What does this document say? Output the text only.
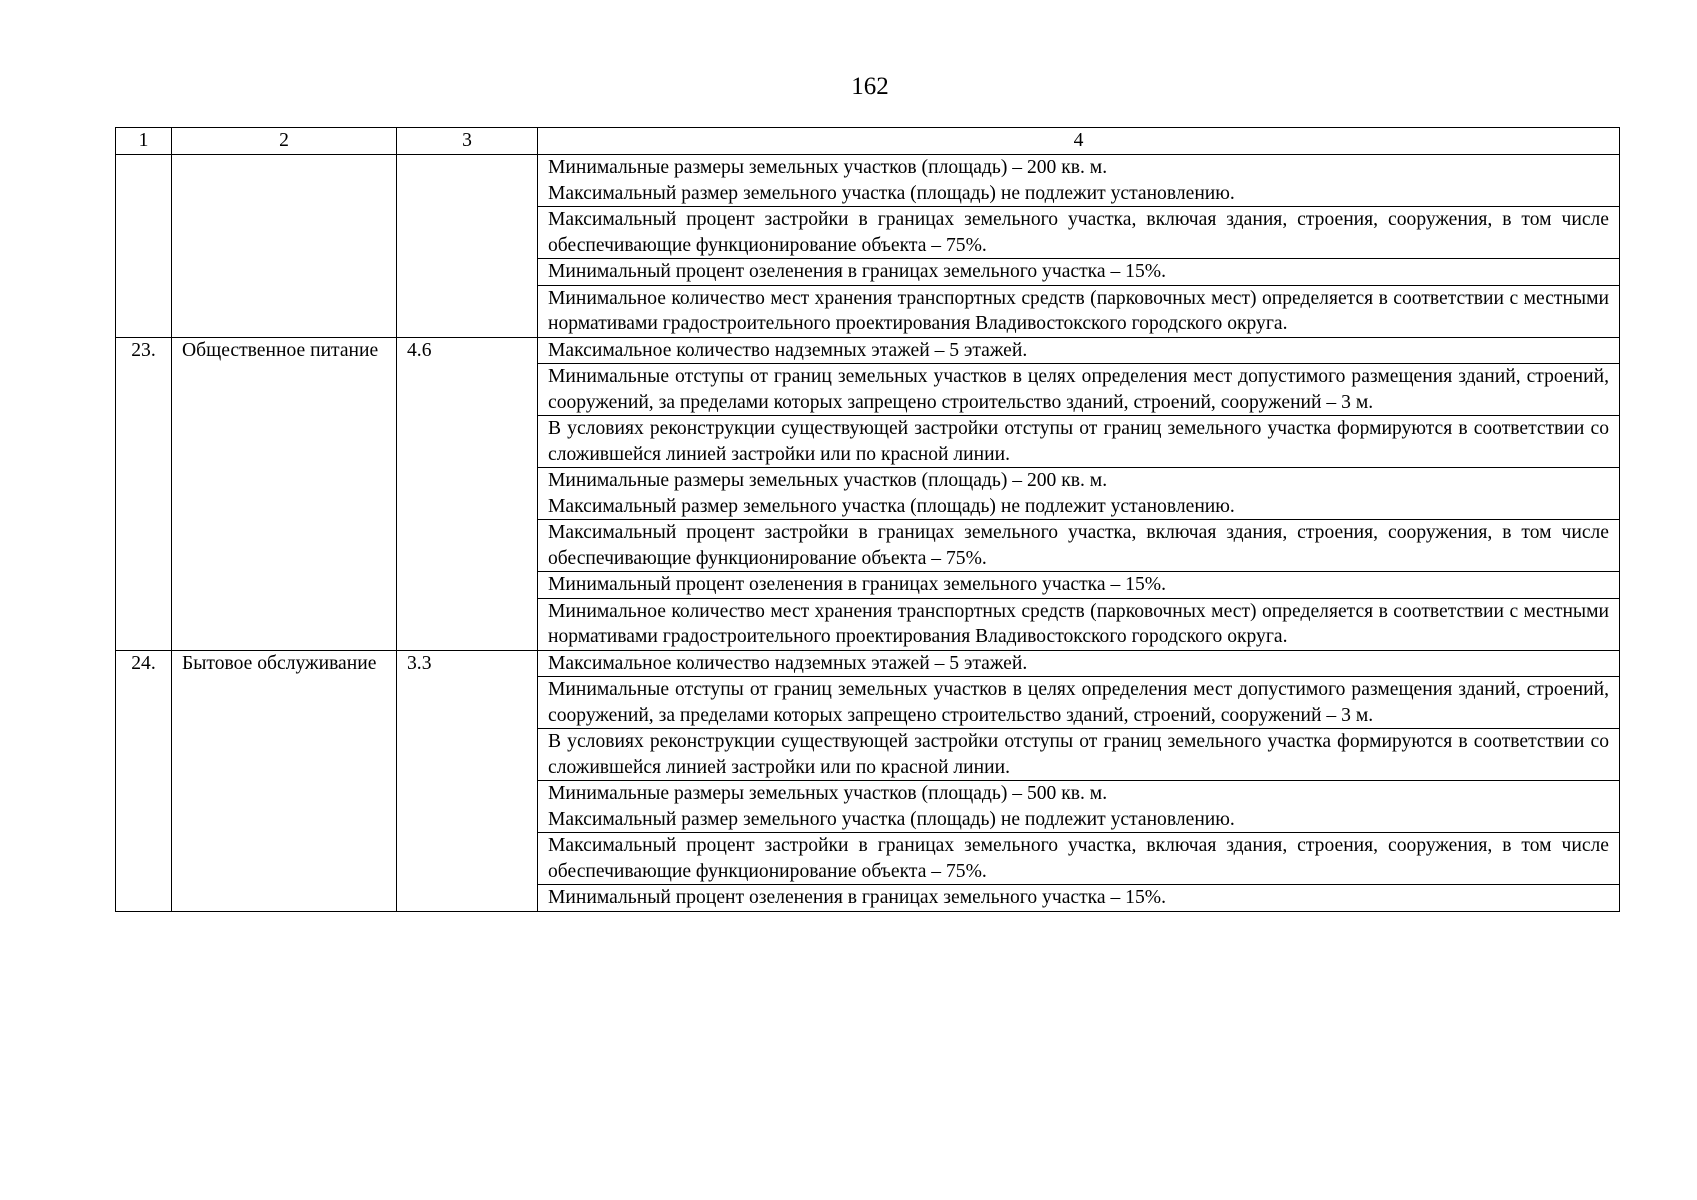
162
1	2	3	4
			Минимальные размеры земельных участков (площадь) – 200 кв. м.
Максимальный размер земельного участка (площадь) не подлежит установлению.
			Максимальный процент застройки в границах земельного участка, включая здания, строения, сооружения, в том числе обеспечивающие функционирование объекта – 75%.
			Минимальный процент озеленения в границах земельного участка – 15%.
			Минимальное количество мест хранения транспортных средств (парковочных мест) определяется в соответствии с местными нормативами градостроительного проектирования Владивостокского городского округа.
23.	Общественное питание	4.6	Максимальное количество надземных этажей – 5 этажей.
			Минимальные отступы от границ земельных участков в целях определения мест допустимого размещения зданий, строений, сооружений, за пределами которых запрещено строительство зданий, строений, сооружений – 3 м.
			В условиях реконструкции существующей застройки отступы от границ земельного участка формируются в соответствии со сложившейся линией застройки или по красной линии.
			Минимальные размеры земельных участков (площадь) – 200 кв. м.
Максимальный размер земельного участка (площадь) не подлежит установлению.
			Максимальный процент застройки в границах земельного участка, включая здания, строения, сооружения, в том числе обеспечивающие функционирование объекта – 75%.
			Минимальный процент озеленения в границах земельного участка – 15%.
			Минимальное количество мест хранения транспортных средств (парковочных мест) определяется в соответствии с местными нормативами градостроительного проектирования Владивостокского городского округа.
24.	Бытовое обслуживание	3.3	Максимальное количество надземных этажей – 5 этажей.
			Минимальные отступы от границ земельных участков в целях определения мест допустимого размещения зданий, строений, сооружений, за пределами которых запрещено строительство зданий, строений, сооружений – 3 м.
			В условиях реконструкции существующей застройки отступы от границ земельного участка формируются в соответствии со сложившейся линией застройки или по красной линии.
			Минимальные размеры земельных участков (площадь) – 500 кв. м.
Максимальный размер земельного участка (площадь) не подлежит установлению.
			Максимальный процент застройки в границах земельного участка, включая здания, строения, сооружения, в том числе обеспечивающие функционирование объекта – 75%.
			Минимальный процент озеленения в границах земельного участка – 15%.
